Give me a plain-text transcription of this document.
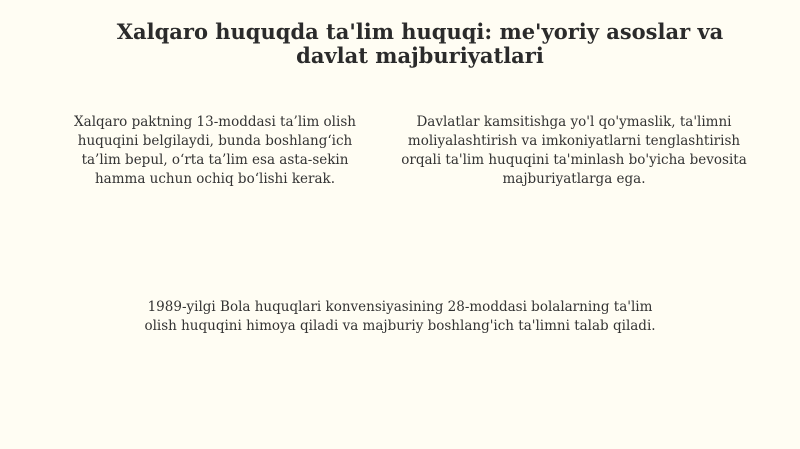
Xalqaro huquqda ta'lim huquqi: me'yoriy asoslar va davlat majburiyatlari

Xalqaro paktning 13-moddasi ta’lim olish huquqini belgilaydi, bunda boshlang‘ich ta’lim bepul, o‘rta ta’lim esa asta-sekin hamma uchun ochiq bo‘lishi kerak.

Davlatlar kamsitishga yo'l qo'ymaslik, ta'limni moliyalashtirish va imkoniyatlarni tenglashtirish orqali ta'lim huquqini ta'minlash bo'yicha bevosita majburiyatlarga ega.

1989-yilgi Bola huquqlari konvensiyasining 28-moddasi bolalarning ta'lim olish huquqini himoya qiladi va majburiy boshlang'ich ta'limni talab qiladi.
